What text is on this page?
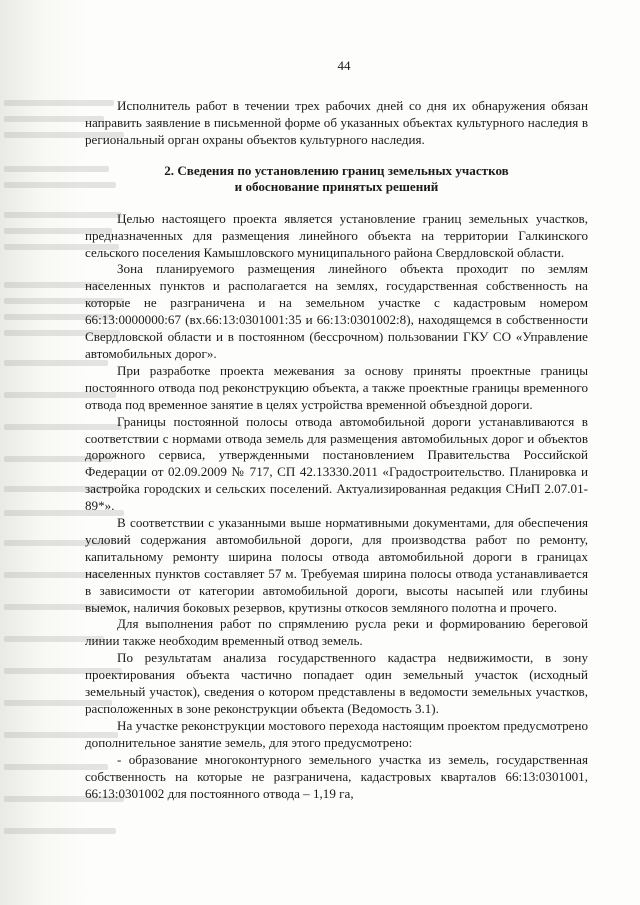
44

Исполнитель работ в течении трех рабочих дней со дня их обнаружения обязан направить заявление в письменной форме об указанных объектах культурного наследия в региональный орган охраны объектов культурного наследия.

2. Сведения по установлению границ земельных участков
и обоснование принятых решений

Целью настоящего проекта является установление границ земельных участков, предназначенных для размещения линейного объекта на территории Галкинского сельского поселения Камышловского муниципального района Свердловской области.

Зона планируемого размещения линейного объекта проходит по землям населенных пунктов и располагается на землях, государственная собственность на которые не разграничена и на земельном участке с кадастровым номером 66:13:0000000:67 (вх.66:13:0301001:35 и 66:13:0301002:8), находящемся в собственности Свердловской области и в постоянном (бессрочном) пользовании ГКУ СО «Управление автомобильных дорог».

При разработке проекта межевания за основу приняты проектные границы постоянного отвода под реконструкцию объекта, а также проектные границы временного отвода под временное занятие в целях устройства временной объездной дороги.

Границы постоянной полосы отвода автомобильной дороги устанавливаются в соответствии с нормами отвода земель для размещения автомобильных дорог и объектов дорожного сервиса, утвержденными постановлением Правительства Российской Федерации от 02.09.2009 № 717, СП 42.13330.2011 «Градостроительство. Планировка и застройка городских и сельских поселений. Актуализированная редакция СНиП 2.07.01-89*».

В соответствии с указанными выше нормативными документами, для обеспечения условий содержания автомобильной дороги, для производства работ по ремонту, капитальному ремонту ширина полосы отвода автомобильной дороги в границах населенных пунктов составляет 57 м. Требуемая ширина полосы отвода устанавливается в зависимости от категории автомобильной дороги, высоты насыпей или глубины выемок, наличия боковых резервов, крутизны откосов земляного полотна и прочего.

Для выполнения работ по спрямлению русла реки и формированию береговой линии также необходим временный отвод земель.

По результатам анализа государственного кадастра недвижимости, в зону проектирования объекта частично попадает один земельный участок (исходный земельный участок), сведения о котором представлены в ведомости земельных участков, расположенных в зоне реконструкции объекта (Ведомость 3.1).

На участке реконструкции мостового перехода настоящим проектом предусмотрено дополнительное занятие земель, для этого предусмотрено:

- образование многоконтурного земельного участка из земель, государственная собственность на которые не разграничена, кадастровых кварталов 66:13:0301001, 66:13:0301002 для постоянного отвода – 1,19 га,
